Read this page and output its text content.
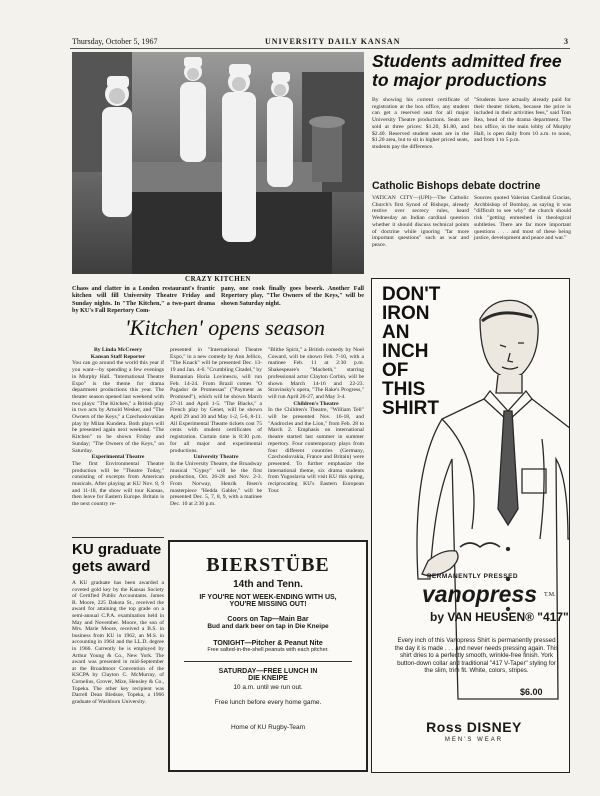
Thursday, October 5, 1967	UNIVERSITY DAILY KANSAN	3
CRAZY KITCHEN
Chaos and clatter in a London restaurant's frantic kitchen will fill University Theatre Friday and Sunday nights. In "The Kitchen," a two-part drama by KU's Fall Repertory Com-
pany, one cook finally goes beserk. Another Fall Repertory play, "The Owners of the Keys," will be shown Saturday night.
Students admitted free to major productions
By showing his current certificate of registration at the box office, any student can get a reserved seat for all major University Theatre productions. Seats are sold at three prices: $1.20, $1.80, and $2.40. Reserved student seats are in the $1.20 area, but to sit in higher priced seats, students pay the difference.
"Students have actually already paid for their theater tickets, because the price is included in their activities fees," said Tom Rea, head of the drama department. The box office, in the main lobby of Murphy Hall, is open daily from 10 a.m. to noon, and from 1 to 5 p.m.
Catholic Bishops debate doctrine
VATICAN CITY—(UPI)—The Catholic Church's first Synod of Bishops, already restive over secrecy rules, heard Wednesday an Indian cardinal question whether it should discuss technical points of doctrine while ignoring "far more important questions" such as war and peace.
Sources quoted Valerian Cardinal Gracias, Archbishop of Bombay, as saying it was "difficult to see why" the church should risk "getting enmeshed in theological subtleties. There are far more important questions . . . and most of these being justice, development and peace and war."
'Kitchen' opens season
By Linda McCreery
Kansan Staff Reporter
You can go around the world this year if you want—by spending a few evenings in Murphy Hall. "International Theatre Expo" is the theme for drama department productions this year. The theater season opened last weekend with two plays: "The Kitchen," a British play in two acts by Arnold Wesker, and "The Owners of the Keys," a Czechoslovakian play by Milan Kundera. Both plays will be presented again next weekend. "The Kitchen" to be shown Friday and Sunday; "The Owners of the Keys," on Saturday.
Experimental Theatre
The first Environmental Theatre production will be "Theatre Today," consisting of excerpts from American musicals. After playing at KU Nov. 8, 9 and 11-18, the show will tour Kansas, then leave for Eastern Europe. Britain is the next country re-
presented in "International Theatre Expo," in a new comedy by Ann Jellico, "The Knack" will be presented Dec. 13-19 and Jan. 4-6. "Crumbling Citadel," by Rumanian Horia Lovinescu, will run Feb. 14-24. From Brazil comes "O Pagador de Promessas" ("Payment as Promised"), which will be shown March 27-31 and April 1-5. "The Blacks," a French play by Genet, will be shown April 29 and 30 and May 1-2, 5-6, 8-11. All Experimental Theatre tickets cost 75 cents with student certificates of registration. Curtain time is 8:30 p.m. for all major and experimental productions.
University Theatre
In the University Theatre, the Broadway musical "Gypsy" will be the first production, Oct. 26-28 and Nov. 2-3. From Norway, Henrik Ibsen's masterpiece "Hedda Gabler," will be presented Dec. 5, 7, 8, 9, with a matinee Dec. 10 at 2:30 p.m.
"Blithe Spirit," a British comedy by Noel Coward, will be shown Feb. 7-10, with a matinee Feb. 11 at 2:30 p.m. Shakespeare's "Macbeth," starring professional actor Clayton Corbin, will be shown March 14-16 and 22-23. Stravinsky's opera, "The Rake's Progress," will run April 26-27, and May 3-4.
Children's Theatre
In the Children's Theatre, "William Tell" will be presented Nov. 16-18, and "Androcles and the Lion," from Feb. 28 to March 2. Emphasis on international theatre started last summer in summer repertory. Four contemporary plays from four different countries (Germany, Czechoslovakia, France and Britain) were presented. To further emphasize the international theme, six drama students from Yugoslavia will visit KU this spring, reciprocating KU's Eastern European Tour.
KU graduate gets award
A KU graduate has been awarded a coveted gold key by the Kansas Society of Certified Public Accountants. James R. Moore, 225 Dakota St., received the award for attaining the top grade on a semi-annual C.P.A. examination held in May and November. Moore, the son of Mrs. Marie Moore, received a B.S. in business from KU in 1962, an M.S. in accounting in 1964 and the LL.D. degree in 1966. Currently he is employed by Arthur Young & Co., New York. The award was presented in mid-September at the Broadmoor Convention of the KSCPA by Clayton C. McMurray, of Cornelius, Grover, Mize, Hensley & Co., Topeka. The other key recipient was Darrell Dean Bledsoe, Topeka, a 1966 graduate of Washburn University.
BIERSTÜBE
14th and Tenn.
IF YOU'RE NOT WEEK-ENDING WITH US,
YOU'RE MISSING OUT!
Coors on Tap—Main Bar
Bud and dark beer on tap in Die Kneipe
TONIGHT—Pitcher & Peanut Nite
Free salted-in-the-shell peanuts with each pitcher.
SATURDAY—FREE LUNCH IN
DIE KNEIPE
10 a.m. until we run out.
Free lunch before every home game.
Home of KU Rugby-Team
PERMANENTLY PRESSED
vanopress	T.M.
by VAN HEUSEN® "417"
Every inch of this Vanopress Shirt is permanently pressed the day it is made . . . and never needs pressing again. This shirt dries to a perfectly smooth, wrinkle-free finish. York button-down collar and traditional "417 V-Taper" styling for the slim, trim fit. White, colors, stripes.
$6.00
Ross DISNEY
MEN'S WEAR
DON'T IRON AN INCH OF THIS SHIRT
